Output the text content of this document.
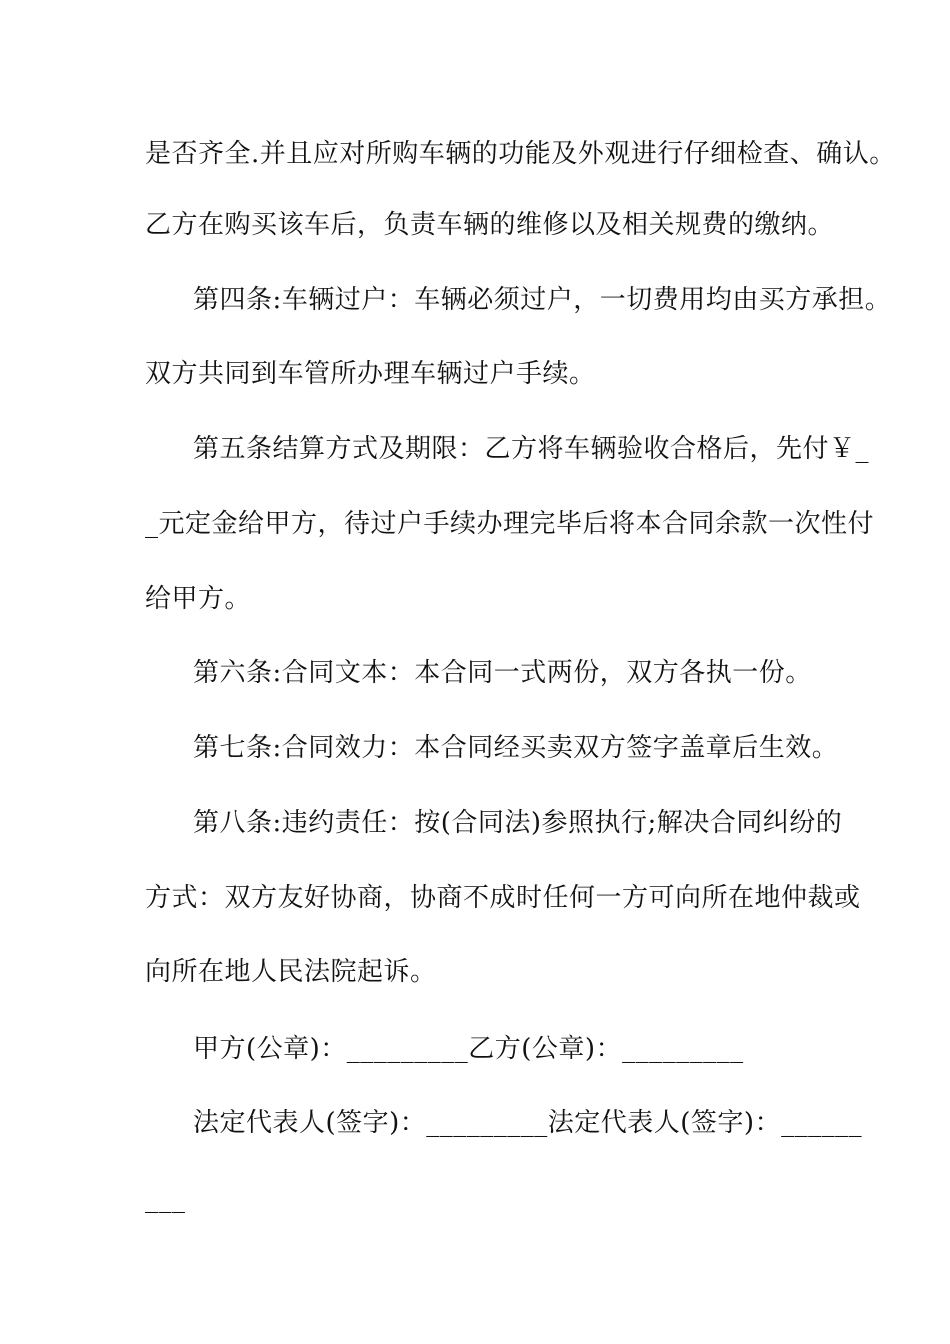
是否齐全.并且应对所购车辆的功能及外观进行仔细检查、确认。

乙方在购买该车后，负责车辆的维修以及相关规费的缴纳。

第四条:车辆过户：车辆必须过户，一切费用均由买方承担。

双方共同到车管所办理车辆过户手续。

第五条结算方式及期限：乙方将车辆验收合格后，先付￥_

_元定金给甲方，待过户手续办理完毕后将本合同余款一次性付

给甲方。

第六条:合同文本：本合同一式两份，双方各执一份。

第七条:合同效力：本合同经买卖双方签字盖章后生效。

第八条:违约责任：按(合同法)参照执行;解决合同纠纷的

方式：双方友好协商，协商不成时任何一方可向所在地仲裁或

向所在地人民法院起诉。

甲方(公章)：_________乙方(公章)：_________

法定代表人(签字)：_________法定代表人(签字)：______

___
